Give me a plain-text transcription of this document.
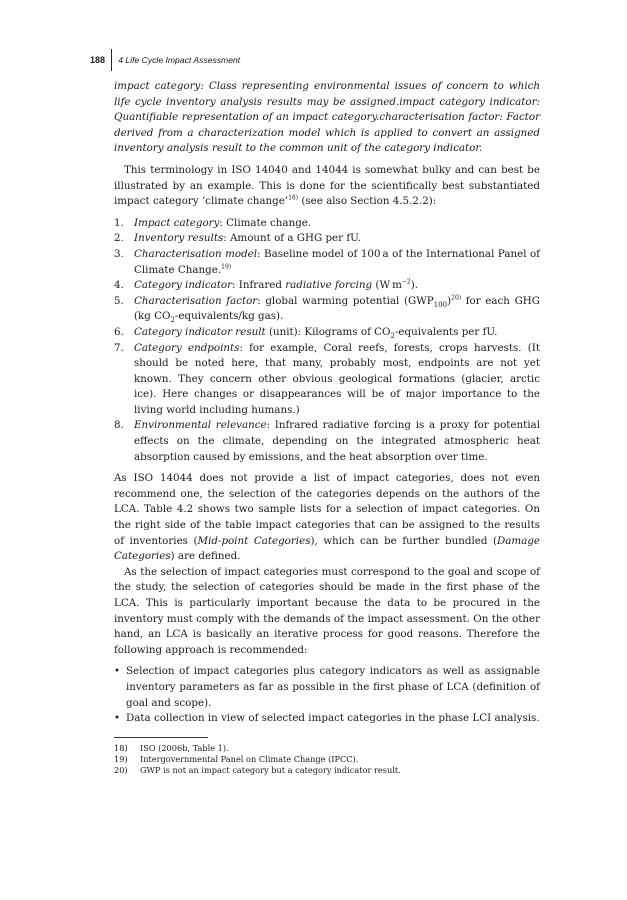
188	4 Life Cycle Impact Assessment

impact category: Class representing environmental issues of concern to which life cycle inventory analysis results may be assigned.impact category indicator: Quantifiable representation of an impact category.characterisation factor: Factor derived from a characterization model which is applied to convert an assigned inventory analysis result to the common unit of the category indicator.

This terminology in ISO 14040 and 14044 is somewhat bulky and can best be illustrated by an example. This is done for the scientifically best substantiated impact category ‘climate change’$^{18)}$ (see also Section 4.5.2.2):

1. Impact category: Climate change.
2. Inventory results: Amount of a GHG per fU.
3. Characterisation model: Baseline model of 100 a of the International Panel of Climate Change.$^{19)}$
4. Category indicator: Infrared radiative forcing (W $m^{-2}$).
5. Characterisation factor: global warming potential $(GWP_{100})^{20)}$ for each GHG (kg $CO_2-equivalents/kg$ gas).
6. Category indicator result (unit): Kilograms of $CO_2$-equivalents per fU.
7. Category endpoints: for example, Coral reefs, forests, crops harvests. (It should be noted here, that many, probably most, endpoints are not yet known. They concern other obvious geological formations (glacier, arctic ice). Here changes or disappearances will be of major importance to the living world including humans.)
8. Environmental relevance: Infrared radiative forcing is a proxy for potential effects on the climate, depending on the integrated atmospheric heat absorption caused by emissions, and the heat absorption over time.

As ISO 14044 does not provide a list of impact categories, does not even recommend one, the selection of the categories depends on the authors of the LCA. Table 4.2 shows two sample lists for a selection of impact categories. On the right side of the table impact categories that can be assigned to the results of inventories (Mid-point Categories), which can be further bundled (Damage Categories) are defined.

As the selection of impact categories must correspond to the goal and scope of the study, the selection of categories should be made in the first phase of the LCA. This is particularly important because the data to be procured in the inventory must comply with the demands of the impact assessment. On the other hand, an LCA is basically an iterative process for good reasons. Therefore the following approach is recommended:

• Selection of impact categories plus category indicators as well as assignable inventory parameters as far as possible in the first phase of LCA (definition of goal and scope).
• Data collection in view of selected impact categories in the phase LCI analysis.
18)	ISO (2006b, Table 1).
19)	Intergovernmental Panel on Climate Change (IPCC).
20)	GWP is not an impact category but a category indicator result.
